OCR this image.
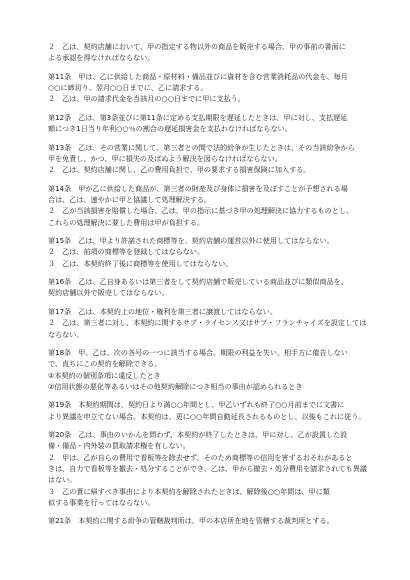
２　乙は、契約店舗において、甲の指定する物以外の商品を販売する場合、甲の事前の書面に

よる承認を得なければならない。

第11条　甲は、乙に供給した商品・原材料・備品並びに資材を含む営業消耗品の代金を、毎月

○○に締切り、翌月○○日までに、乙に請求する。

２　乙は、甲の請求代金を当該月の○○日までに甲に支払う。

第12条　乙は、第3条並びに第11条に定める支払期限を遅延したときは、甲に対し、支払遅延

額につき1日当り年利○○％の割合の遅延損害金を支払わなければならない。

第13条　乙は、その営業に関して、第三者との間で法的紛争が生じたときは、その当該紛争から

甲を免責し、かつ、甲に損失の及ばぬよう解決を図らなければならない。

２　乙は、契約店舗に関し、乙の費用負担で、甲の要求する損害保険に加入する。

第14条　甲が乙に供給した商品が、第三者の財産及び身体に損害を及ぼすことが予想される場

合は、乙は、速やかに甲と協議して処理解決する。

２　乙が当該損害を賠償した場合、乙は、甲の指示に基づき甲の処理解決に協力するものとし、

これらの処理解決に要した費用は甲が負担する。

第15条　乙は、甲より許諾された商標等を、契約店舗の運営以外に使用してはならない。

２　乙は、前項の商標等を登録してはならない。

３　乙は、本契約終了後に商標等を使用してはならない。

第16条　乙は、乙自身あるいは第三者をして契約店舗で販売している商品並びに類似商品を、

契約店舗以外で販売してはならない。

第17条　乙は、本契約上の地位・権利を第三者に譲渡してはならない。

２　乙は、第三者に対し、本契約に関するサブ・ライセンス又はサブ・フランチャイズを設定しては

ならない。

第18条　甲、乙は、次の各号の一つに該当する場合、期限の利益を失い、相手方に催告しない

で、直ちにこの契約を解除できる。

①本契約の個別条項に違反したとき

②信用状態の悪化等あるいはその他契約解除につき相当の事由が認められるとき

第19条　本契約期間は、契約日より満○○年間とし、甲乙いずれも終了○○月前までに文書に

より異議を申立てない場合、本契約は、更に○○年間自動延長されるものとし、以後もこれに従う。

第20条　乙は、事由のいかんを問わず、本契約が終了したときは、甲に対し、乙が設置した設

備・備品・内外装の買取請求権を有しない。

２　甲は、乙が自らの費用で看板等を除去せず、そのため商標等の信用を害するおそれがあると

きは、自力で看板等を撤去・処分することができ、乙は、甲から撤去・処分費用を請求されても異議

はない。

３　乙の責に帰すべき事由により本契約を解除されたときは、解除後○○年間は、甲に類

似する事業を行ってはならない。

第21条　本契約に関する紛争の管轄裁判所は、甲の本店所在地を管轄する裁判所とする。
